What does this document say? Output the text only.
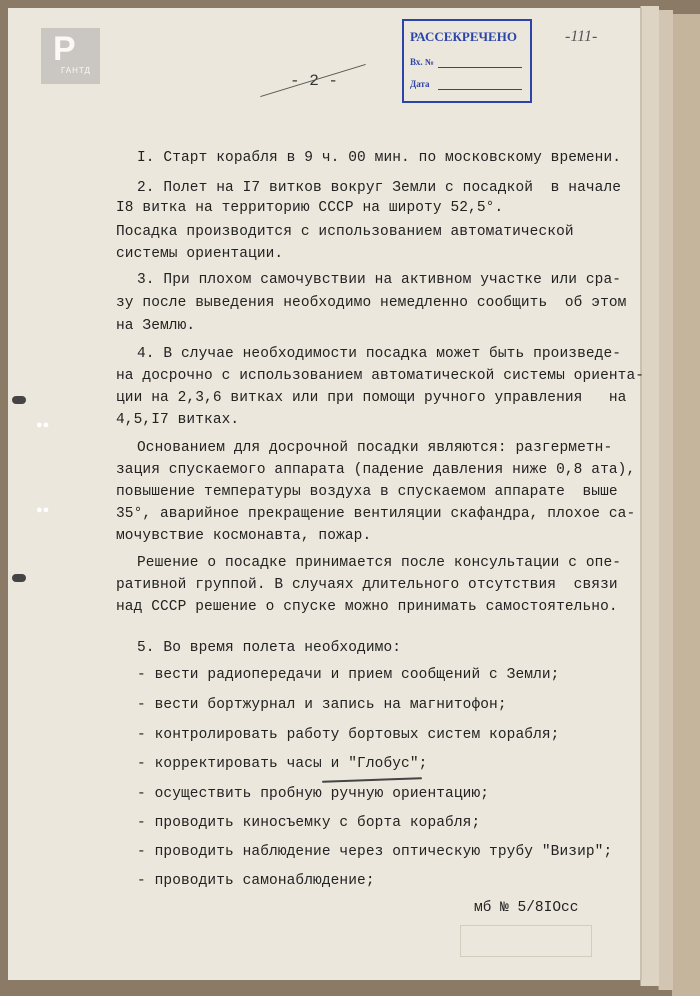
●●
●●
P
ГАНТД
РАССЕКРЕЧЕНО
Вх. №
Дата
-111-
- 2 -

I. Старт корабля в 9 ч. 00 мин. по московскому времени.

2. Полет на I7 витков вокруг Земли с посадкой  в начале

I8 витка на территорию СССР на широту 52,5°.

Посадка производится с использованием автоматической

системы ориентации.

3. При плохом самочувствии на активном участке или сра-

зу после выведения необходимо немедленно сообщить  об этом

на Землю.

4. В случае необходимости посадка может быть произведе-

на досрочно с использованием автоматической системы ориента-

ции на 2,3,6 витках или при помощи ручного управления   на

4,5,I7 витках.

Основанием для досрочной посадки являются: разгерметн-

зация спускаемого аппарата (падение давления ниже 0,8 ата),

повышение температуры воздуха в спускаемом аппарате  выше

35°, аварийное прекращение вентиляции скафандра, плохое са-

мочувствие космонавта, пожар.

Решение о посадке принимается после консультации с опе-

ративной группой. В случаях длительного отсутствия  связи

над СССР решение о спуске можно принимать самостоятельно.

5. Во время полета необходимо:

- вести радиопередачи и прием сообщений с Земли;

- вести бортжурнал и запись на магнитофон;

- контролировать работу бортовых систем корабля;

- корректировать часы и "Глобус";

- осуществить пробную ручную ориентацию;

- проводить киносъемку с борта корабля;

- проводить наблюдение через оптическую трубу "Визир";

- проводить самонаблюдение;

мб № 5/8IOcc
